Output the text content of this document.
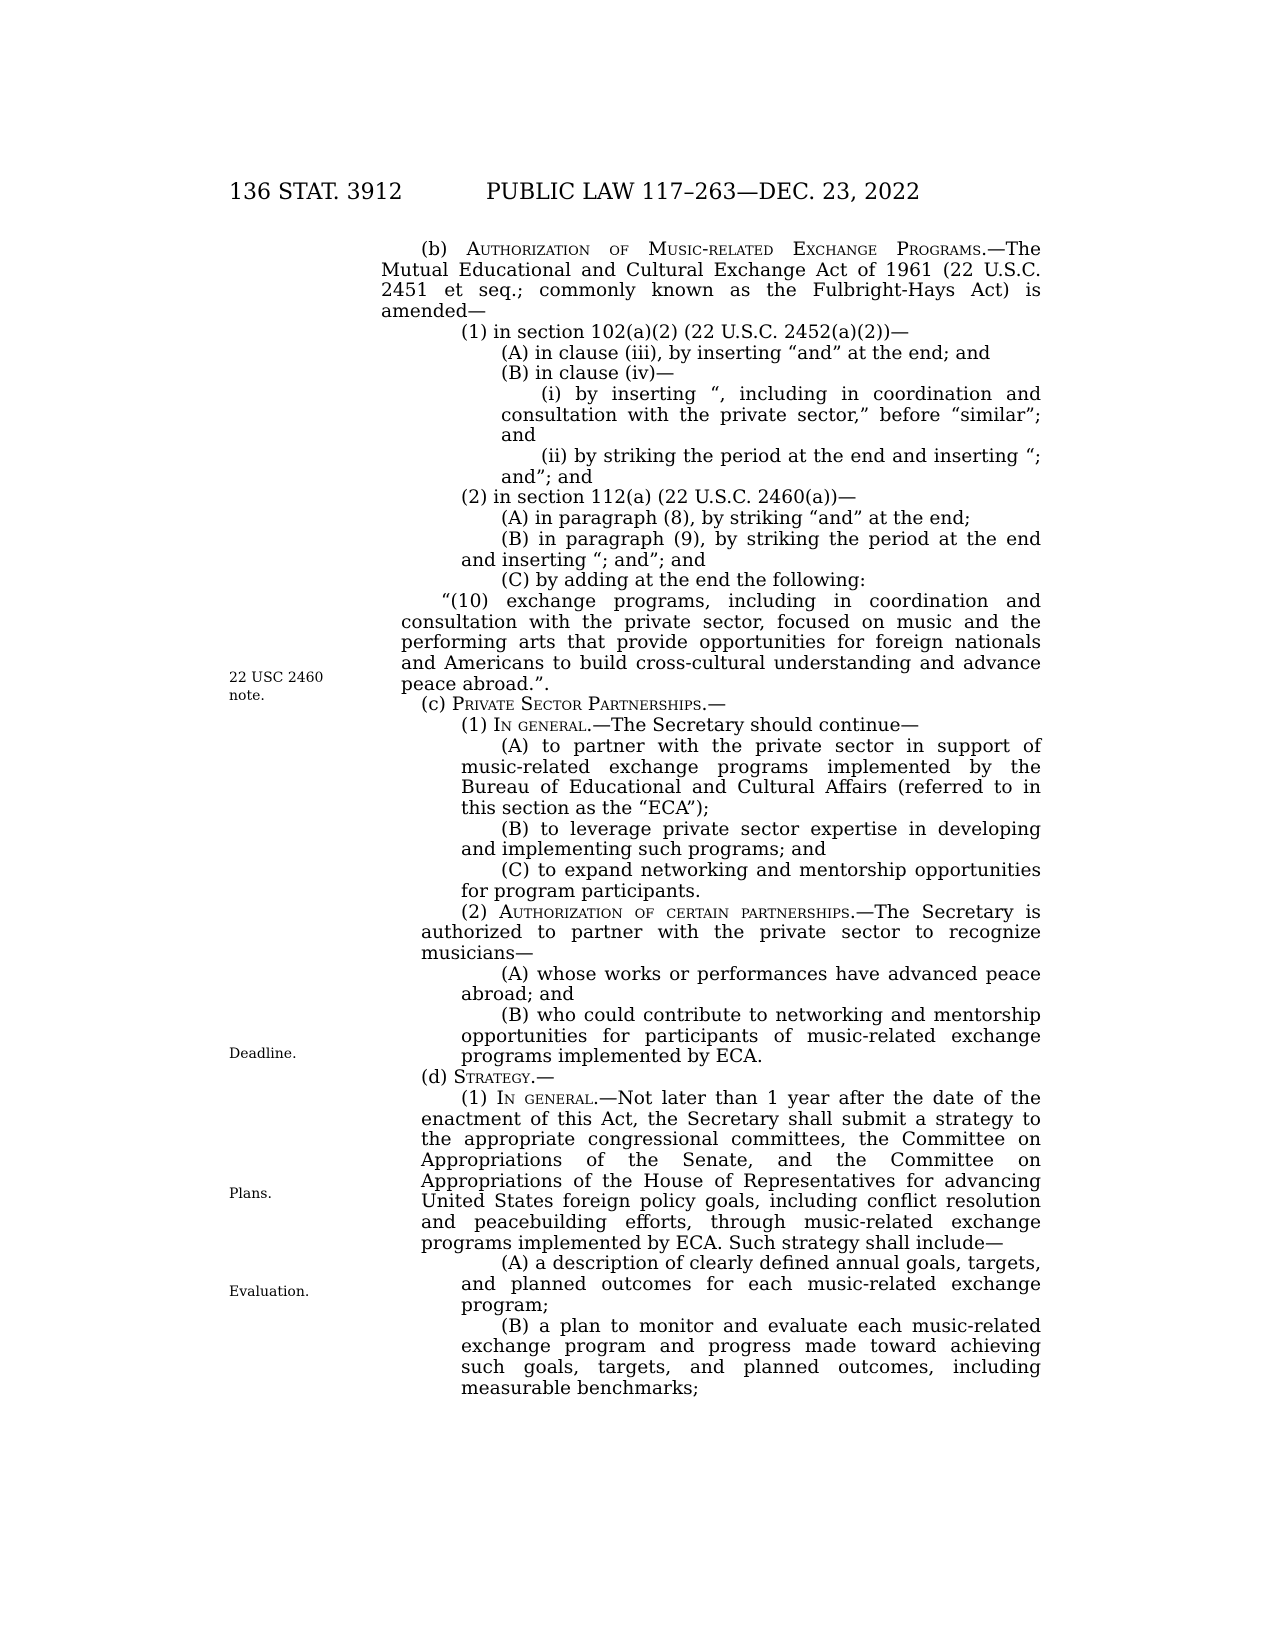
136 STAT. 3912	PUBLIC LAW 117–263—DEC. 23, 2022
22 USC 2460
note.
Deadline.
Plans.
Evaluation.

(b) Authorization of Music-related Exchange Programs.—The Mutual Educational and Cultural Exchange Act of 1961 (22 U.S.C. 2451 et seq.; commonly known as the Fulbright-Hays Act) is amended—

(1) in section 102(a)(2) (22 U.S.C. 2452(a)(2))—

(A) in clause (iii), by inserting “and” at the end; and

(B) in clause (iv)—

(i) by inserting “, including in coordination and consultation with the private sector,” before “similar”; and

(ii) by striking the period at the end and inserting “; and”; and

(2) in section 112(a) (22 U.S.C. 2460(a))—

(A) in paragraph (8), by striking “and” at the end;

(B) in paragraph (9), by striking the period at the end and inserting “; and”; and

(C) by adding at the end the following:

“(10) exchange programs, including in coordination and consultation with the private sector, focused on music and the performing arts that provide opportunities for foreign nationals and Americans to build cross-cultural understanding and advance peace abroad.”.

(c) Private Sector Partnerships.—

(1) In general.—The Secretary should continue—

(A) to partner with the private sector in support of music-related exchange programs implemented by the Bureau of Educational and Cultural Affairs (referred to in this section as the “ECA”);

(B) to leverage private sector expertise in developing and implementing such programs; and

(C) to expand networking and mentorship opportunities for program participants.

(2) Authorization of certain partnerships.—The Secretary is authorized to partner with the private sector to recognize musicians—

(A) whose works or performances have advanced peace abroad; and

(B) who could contribute to networking and mentorship opportunities for participants of music-related exchange programs implemented by ECA.

(d) Strategy.—

(1) In general.—Not later than 1 year after the date of the enactment of this Act, the Secretary shall submit a strategy to the appropriate congressional committees, the Committee on Appropriations of the Senate, and the Committee on Appropriations of the House of Representatives for advancing United States foreign policy goals, including conflict resolution and peacebuilding efforts, through music-related exchange programs implemented by ECA. Such strategy shall include—

(A) a description of clearly defined annual goals, targets, and planned outcomes for each music-related exchange program;

(B) a plan to monitor and evaluate each music-related exchange program and progress made toward achieving such goals, targets, and planned outcomes, including measurable benchmarks;
